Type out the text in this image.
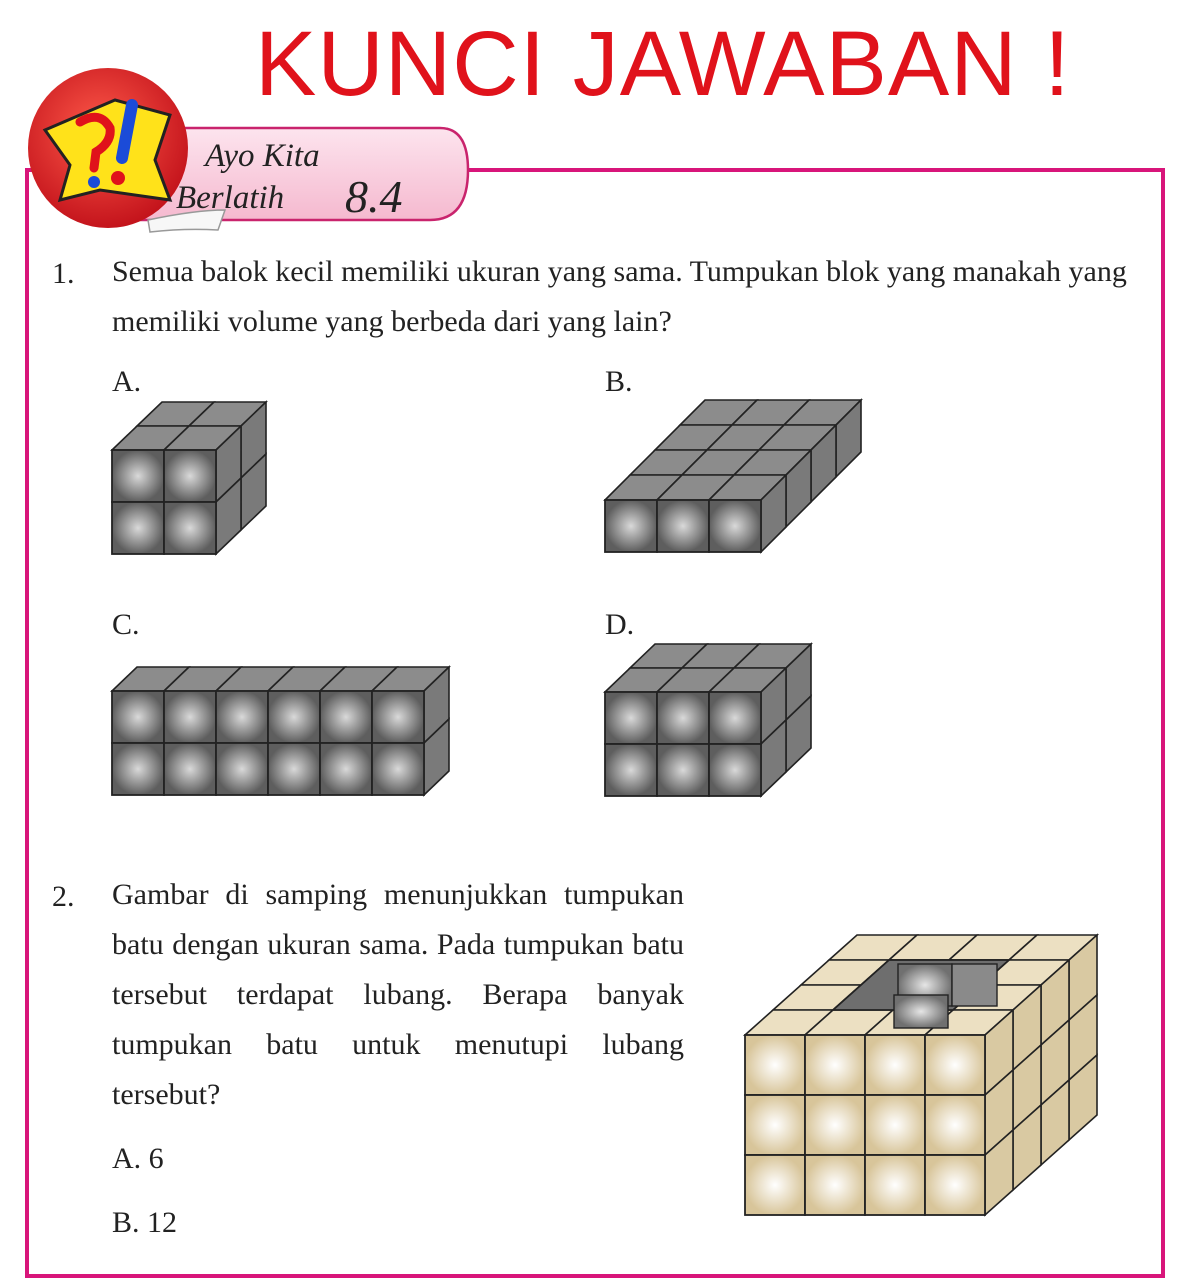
KUNCI JAWABAN !
Ayo Kita
Berlatih 8.4
1. Semua balok kecil memiliki ukuran yang sama. Tumpukan blok yang manakah yang memiliki volume yang berbeda dari yang lain?
A.	B.
C.	D.
2. Gambar di samping menunjukkan tumpukan batu dengan ukuran sama. Pada tumpukan batu tersebut terdapat lubang. Berapa banyak tumpukan batu untuk menutupi lubang tersebut?
A. 6
B. 12
